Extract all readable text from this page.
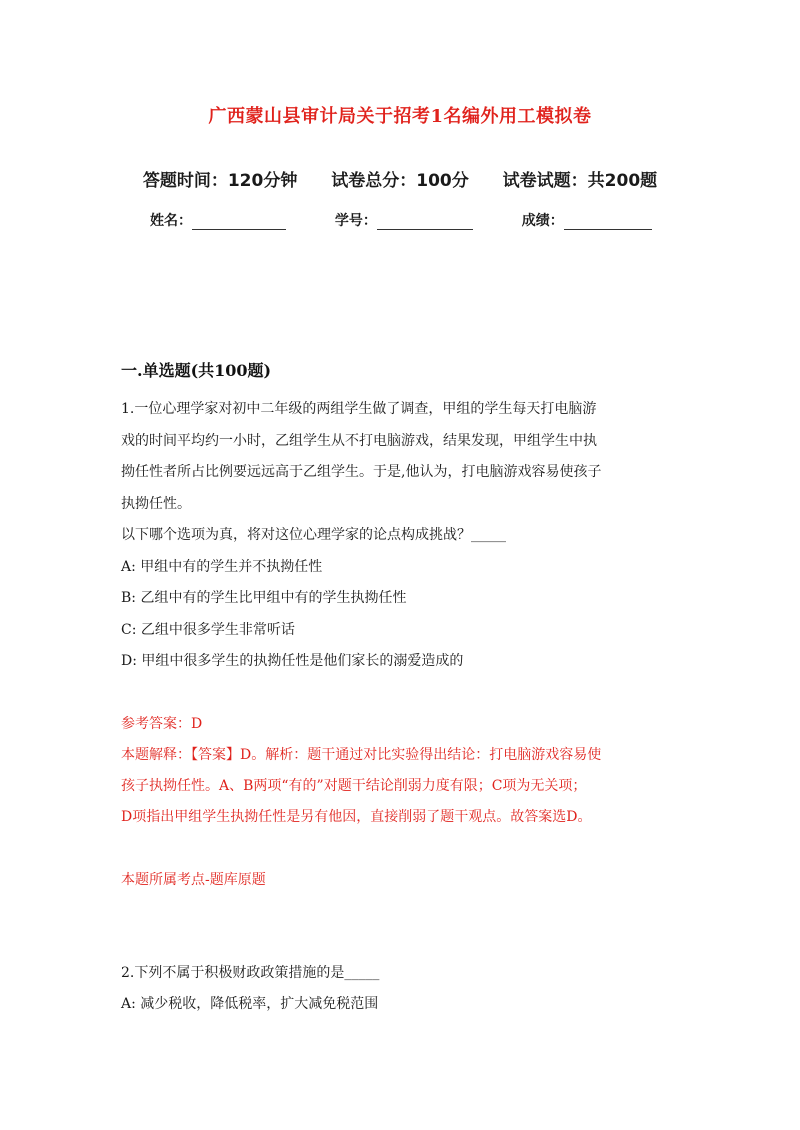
广西蒙山县审计局关于招考1名编外用工模拟卷
答题时间：120分钟 试卷总分：100分 试卷试题：共200题
姓名：	学号：	成绩：
一.单选题(共100题)
1.一位心理学家对初中二年级的两组学生做了调查，甲组的学生每天打电脑游
戏的时间平均约一小时，乙组学生从不打电脑游戏，结果发现，甲组学生中执
拗任性者所占比例要远远高于乙组学生。于是,他认为，打电脑游戏容易使孩子
执拗任性。
以下哪个选项为真，将对这位心理学家的论点构成挑战？_____
A: 甲组中有的学生并不执拗任性
B: 乙组中有的学生比甲组中有的学生执拗任性
C: 乙组中很多学生非常听话
D: 甲组中很多学生的执拗任性是他们家长的溺爱造成的
参考答案：D
本题解释：【答案】D。解析：题干通过对比实验得出结论：打电脑游戏容易使
孩子执拗任性。A、B两项“有的”对题干结论削弱力度有限；C项为无关项；
D项指出甲组学生执拗任性是另有他因，直接削弱了题干观点。故答案选D。
本题所属考点-题库原题
2.下列不属于积极财政政策措施的是_____
A: 减少税收，降低税率，扩大减免税范围
